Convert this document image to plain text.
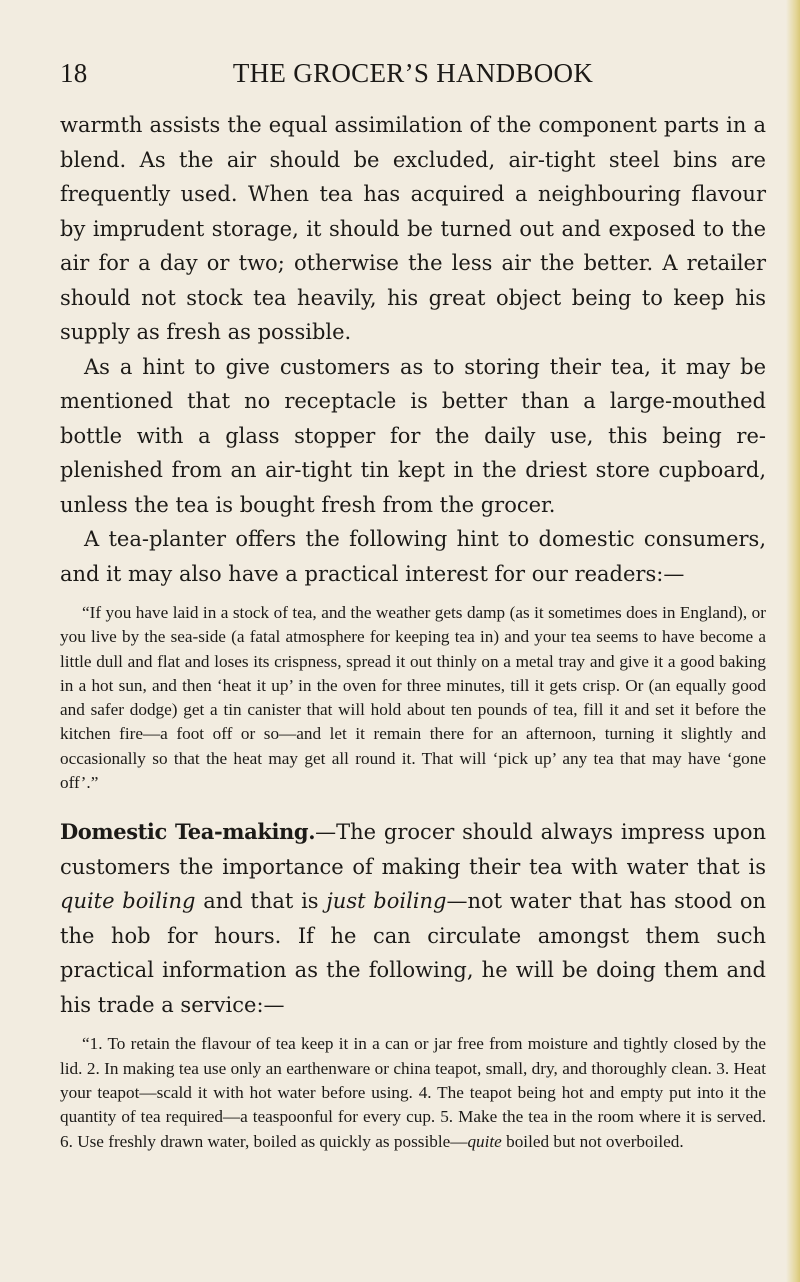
18	THE GROCER’S HANDBOOK

warmth assists the equal assimilation of the component parts in a blend. As the air should be excluded, air-tight steel bins are frequently used. When tea has acquired a neighbouring flavour by imprudent storage, it should be turned out and exposed to the air for a day or two; otherwise the less air the better. A retailer should not stock tea heavily, his great object being to keep his supply as fresh as possible.

As a hint to give customers as to storing their tea, it may be mentioned that no receptacle is better than a large-mouthed bottle with a glass stopper for the daily use, this being replenished from an air-tight tin kept in the driest store cupboard, unless the tea is bought fresh from the grocer.

A tea-planter offers the following hint to domestic consumers, and it may also have a practical interest for our readers:—

“If you have laid in a stock of tea, and the weather gets damp (as it sometimes does in England), or you live by the sea-side (a fatal atmosphere for keeping tea in) and your tea seems to have become a little dull and flat and loses its crispness, spread it out thinly on a metal tray and give it a good baking in a hot sun, and then ‘heat it up’ in the oven for three minutes, till it gets crisp. Or (an equally good and safer dodge) get a tin canister that will hold about ten pounds of tea, fill it and set it before the kitchen fire—a foot off or so—and let it remain there for an afternoon, turning it slightly and occasionally so that the heat may get all round it. That will ‘pick up’ any tea that may have ‘gone off’.”

Domestic Tea-making.—The grocer should always impress upon customers the importance of making their tea with water that is quite boiling and that is just boiling—not water that has stood on the hob for hours. If he can circulate amongst them such practical information as the following, he will be doing them and his trade a service:—

“1. To retain the flavour of tea keep it in a can or jar free from moisture and tightly closed by the lid. 2. In making tea use only an earthenware or china teapot, small, dry, and thoroughly clean. 3. Heat your teapot—scald it with hot water before using. 4. The teapot being hot and empty put into it the quantity of tea required—a teaspoonful for every cup. 5. Make the tea in the room where it is served. 6. Use freshly drawn water, boiled as quickly as possible—quite boiled but not overboiled.
